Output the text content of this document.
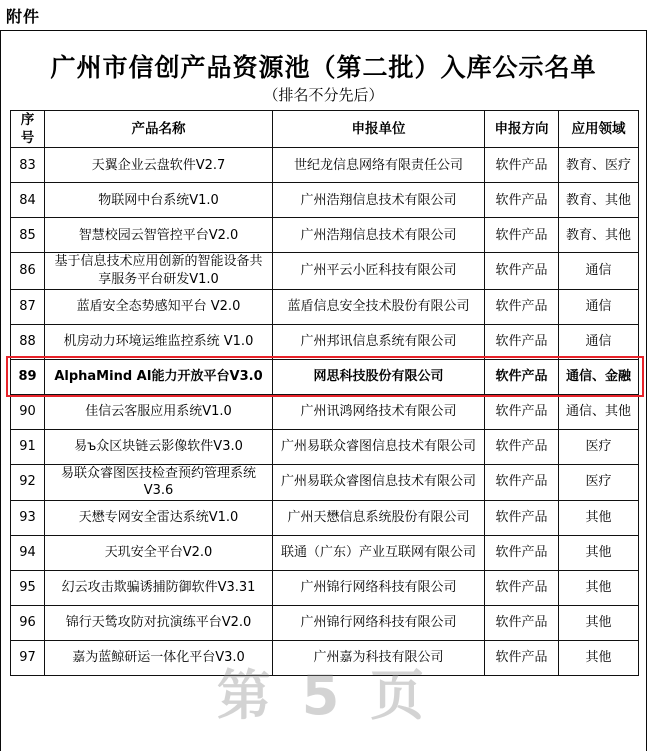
附件
广州市信创产品资源池（第二批）入库公示名单
（排名不分先后）
序号	产品名称	申报单位	申报方向	应用领域
83	天翼企业云盘软件V2.7	世纪龙信息网络有限责任公司	软件产品	教育、医疗
84	物联网中台系统V1.0	广州浩翔信息技术有限公司	软件产品	教育、其他
85	智慧校园云智管控平台V2.0	广州浩翔信息技术有限公司	软件产品	教育、其他
86	基于信息技术应用创新的智能设备共享服务平台研发V1.0	广州平云小匠科技有限公司	软件产品	通信
87	蓝盾安全态势感知平台 V2.0	蓝盾信息安全技术股份有限公司	软件产品	通信
88	机房动力环境运维监控系统 V1.0	广州邦讯信息系统有限公司	软件产品	通信
89	AlphaMind AI能力开放平台V3.0	网思科技股份有限公司	软件产品	通信、金融
90	佳信云客服应用系统V1.0	广州讯鸿网络技术有限公司	软件产品	通信、其他
91	易ъ众区块链云影像软件V3.0	广州易联众睿图信息技术有限公司	软件产品	医疗
92	易联众睿图医技检查预约管理系统V3.6	广州易联众睿图信息技术有限公司	软件产品	医疗
93	天懋专网安全雷达系统V1.0	广州天懋信息系统股份有限公司	软件产品	其他
94	天玑安全平台V2.0	联通（广东）产业互联网有限公司	软件产品	其他
95	幻云攻击欺骗诱捕防御软件V3.31	广州锦行网络科技有限公司	软件产品	其他
96	锦行天鸶攻防对抗演练平台V2.0	广州锦行网络科技有限公司	软件产品	其他
97	嘉为蓝鲸研运一体化平台V3.0	广州嘉为科技有限公司	软件产品	其他
第 5 页
